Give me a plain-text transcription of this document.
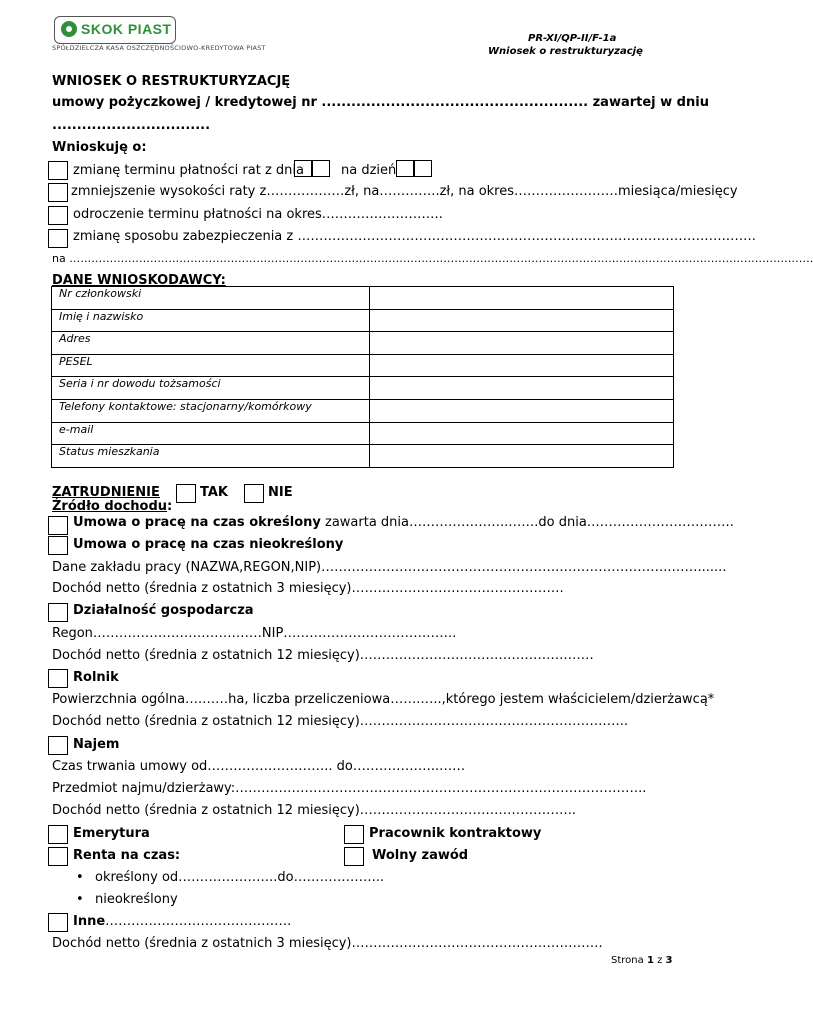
SKOK PIAST
SPÓŁDZIELCZA KASA OSZCZĘDNOŚCIOWO-KREDYTOWA PIAST
PR-XI/QP-II/F-1a
Wniosek o restrukturyzację
WNIOSEK O RESTRUKTURYZACJĘ
umowy pożyczkowej / kredytowej nr ...................................................... zawartej w dniu
................................
Wnioskuję o:
zmianę terminu płatności rat z dnia	na dzień
zmniejszenie wysokości raty z………………zł, na…………..zł, na okres……………………miesiąca/miesięcy
odroczenie terminu płatności na okres……………………….
zmianę sposobu zabezpieczenia z ……………………………………………………………………..……………….…….
na ………………………………………………………………………………………………………………………………….……………………………………………….
DANE WNIOSKODAWCY:
Nr członkowski	
Imię i nazwisko	
Adres	
PESEL	
Seria i nr dowodu tożsamości	
Telefony kontaktowe: stacjonarny/komórkowy	
e-mail	
Status mieszkania	
ZATRUDNIENIE	TAK	NIE
Źródło dochodu:
Umowa o pracę na czas określony zawarta dnia…………………..…….do dnia…………………………….
Umowa o pracę na czas nieokreślony
Dane zakładu pracy (NAZWA,REGON,NIP)……………………………………………….……………………..…….......
Dochód netto (średnia z ostatnich 3 miesięcy)………………………………………….
Działalność gospodarcza
Regon…………………………………NIP………………………………….
Dochód netto (średnia z ostatnich 12 miesięcy)………………………………………………
Rolnik
Powierzchnia ogólna….……ha, liczba przeliczeniowa…….…..,którego jestem właścicielem/dzierżawcą*
Dochód netto (średnia z ostatnich 12 miesięcy)……………………………………………………..
Najem
Czas trwania umowy od……………………….. do………………..……
Przedmiot najmu/dzierżawy:…………………………………………………………………………………..
Dochód netto (średnia z ostatnich 12 miesięcy)…………………………………………..
Emerytura	Pracownik kontraktowy
Renta na czas:	Wolny zawód
• określony od…………………..do………………...
• nieokreślony
Inne…………………………………….
Dochód netto (średnia z ostatnich 3 miesięcy)………………………………………………….
Strona 1 z 3
